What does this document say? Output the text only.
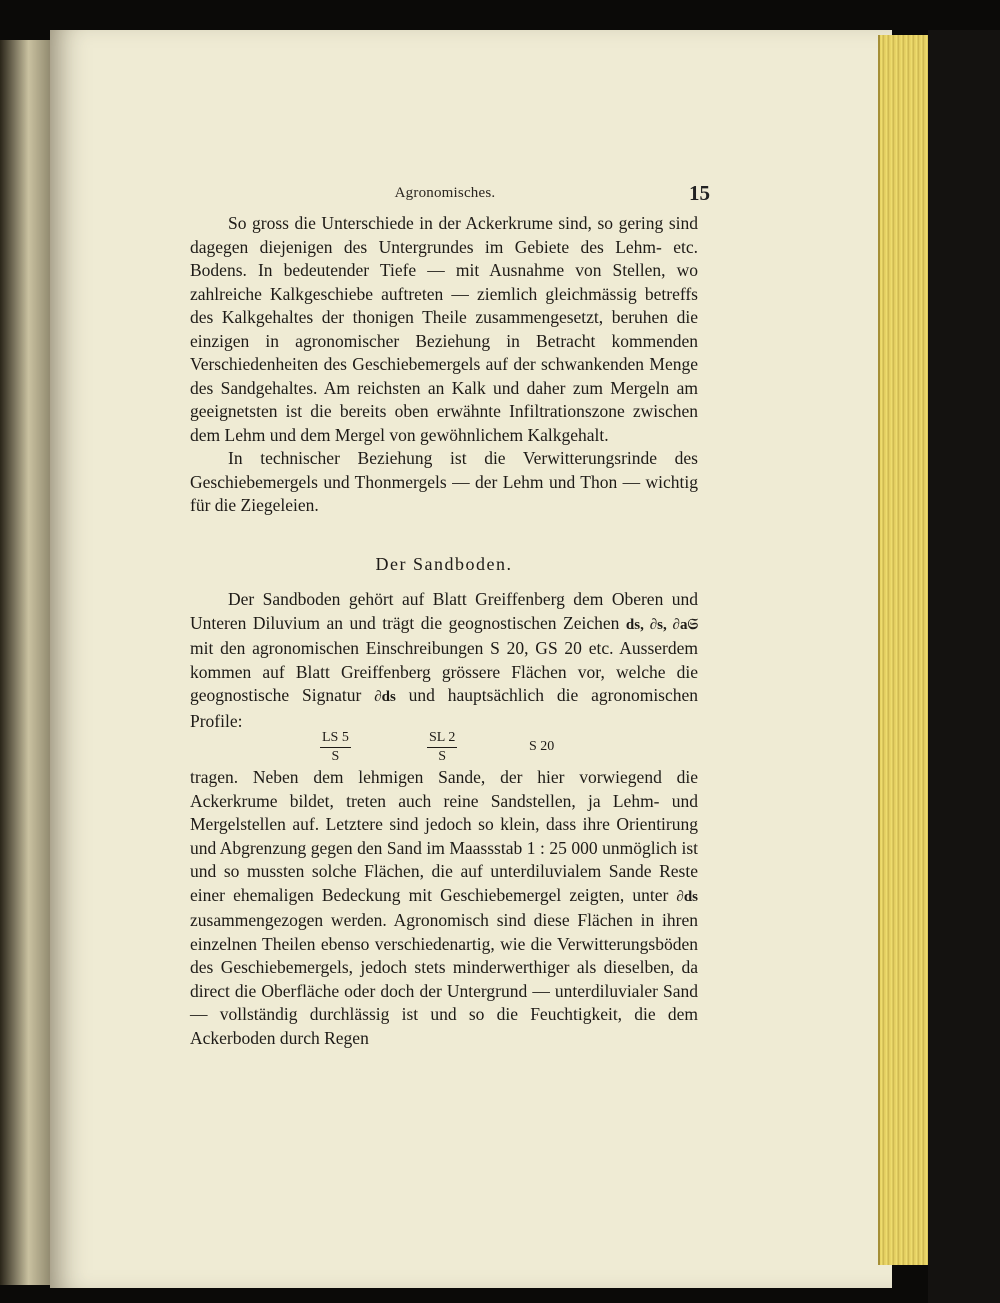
Agronomisches.	15

So gross die Unterschiede in der Ackerkrume sind, so gering sind dagegen diejenigen des Untergrundes im Gebiete des Lehm- etc. Bodens. In bedeutender Tiefe — mit Ausnahme von Stellen, wo zahlreiche Kalkgeschiebe auftreten — ziemlich gleichmässig betreffs des Kalkgehaltes der thonigen Theile zusammengesetzt, beruhen die einzigen in agronomischer Beziehung in Betracht kommenden Verschiedenheiten des Geschiebemergels auf der schwankenden Menge des Sandgehaltes. Am reichsten an Kalk und daher zum Mergeln am geeignetsten ist die bereits oben erwähnte Infiltrationszone zwischen dem Lehm und dem Mergel von gewöhnlichem Kalkgehalt.

In technischer Beziehung ist die Verwitterungsrinde des Geschiebemergels und Thonmergels — der Lehm und Thon — wichtig für die Ziegeleien.

Der Sandboden.

Der Sandboden gehört auf Blatt Greiffenberg dem Oberen und Unteren Diluvium an und trägt die geognostischen Zeichen ds, ∂s, ∂a𝔖 mit den agronomischen Einschreibungen S 20, GS 20 etc. Ausserdem kommen auf Blatt Greiffenberg grössere Flächen vor, welche die geognostische Signatur ∂ds und hauptsächlich die agronomischen Profile:

$\frac{LS 5}{S}$	$\frac{SL 2}{S}$	S 20

tragen. Neben dem lehmigen Sande, der hier vorwiegend die Ackerkrume bildet, treten auch reine Sandstellen, ja Lehm- und Mergelstellen auf. Letztere sind jedoch so klein, dass ihre Orientirung und Abgrenzung gegen den Sand im Maassstab 1 : 25 000 unmöglich ist und so mussten solche Flächen, die auf unterdiluvialem Sande Reste einer ehemaligen Bedeckung mit Geschiebemergel zeigten, unter ∂ds zusammengezogen werden. Agronomisch sind diese Flächen in ihren einzelnen Theilen ebenso verschiedenartig, wie die Verwitterungsböden des Geschiebemergels, jedoch stets minderwerthiger als dieselben, da direct die Oberfläche oder doch der Untergrund — unterdiluvialer Sand — vollständig durchlässig ist und so die Feuchtigkeit, die dem Ackerboden durch Regen
